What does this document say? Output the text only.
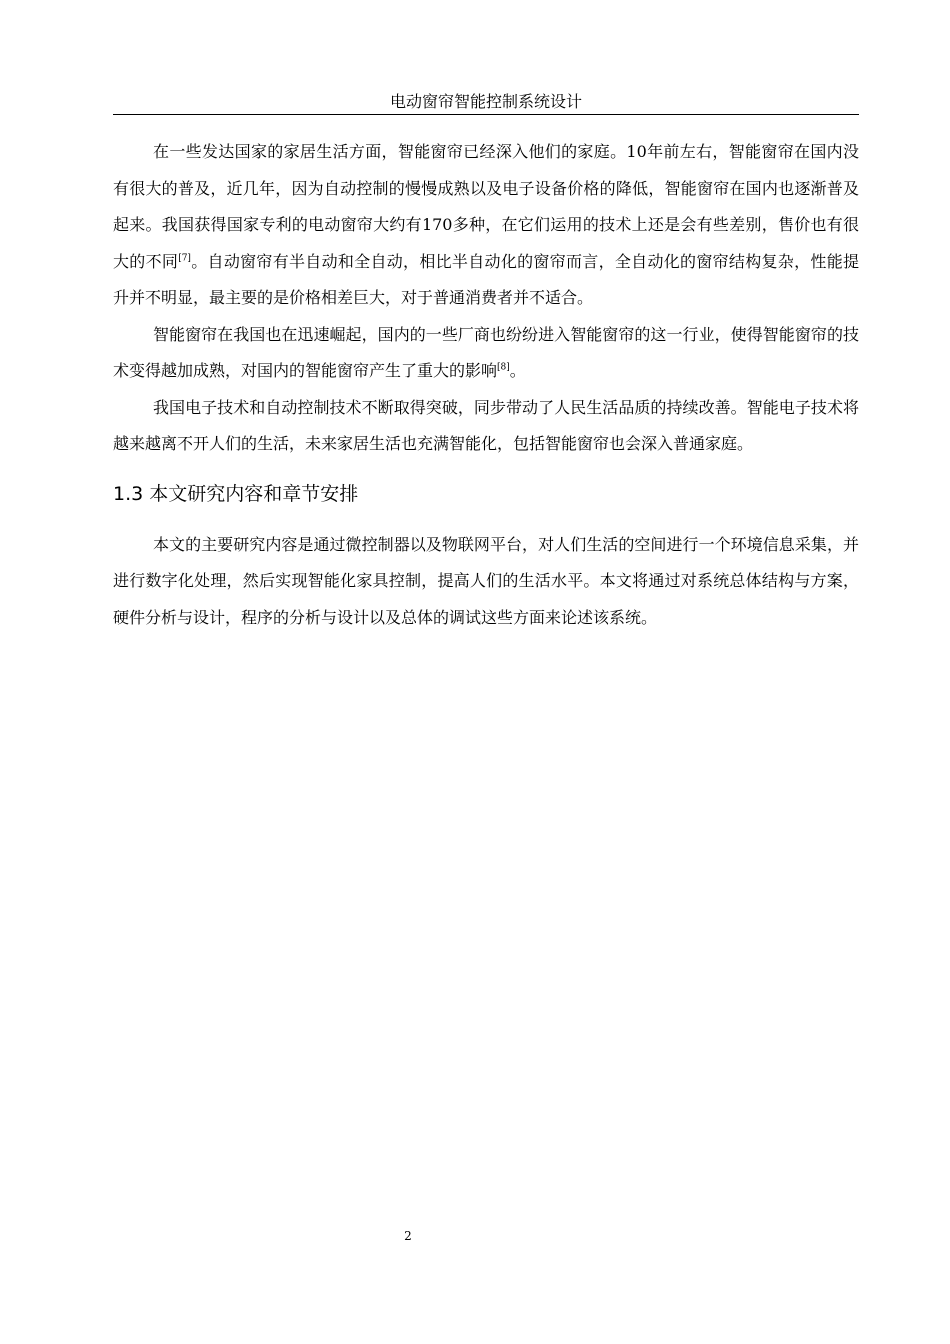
电动窗帘智能控制系统设计

在一些发达国家的家居生活方面，智能窗帘已经深入他们的家庭。10年前左右，智能窗帘在国内没有很大的普及，近几年，因为自动控制的慢慢成熟以及电子设备价格的降低，智能窗帘在国内也逐渐普及起来。我国获得国家专利的电动窗帘大约有170多种，在它们运用的技术上还是会有些差别，售价也有很大的不同[7]。自动窗帘有半自动和全自动，相比半自动化的窗帘而言，全自动化的窗帘结构复杂，性能提升并不明显，最主要的是价格相差巨大，对于普通消费者并不适合。

智能窗帘在我国也在迅速崛起，国内的一些厂商也纷纷进入智能窗帘的这一行业，使得智能窗帘的技术变得越加成熟，对国内的智能窗帘产生了重大的影响[8]。

我国电子技术和自动控制技术不断取得突破，同步带动了人民生活品质的持续改善。智能电子技术将越来越离不开人们的生活，未来家居生活也充满智能化，包括智能窗帘也会深入普通家庭。

1.3 本文研究内容和章节安排

本文的主要研究内容是通过微控制器以及物联网平台，对人们生活的空间进行一个环境信息采集，并进行数字化处理，然后实现智能化家具控制，提高人们的生活水平。本文将通过对系统总体结构与方案，硬件分析与设计，程序的分析与设计以及总体的调试这些方面来论述该系统。

2
